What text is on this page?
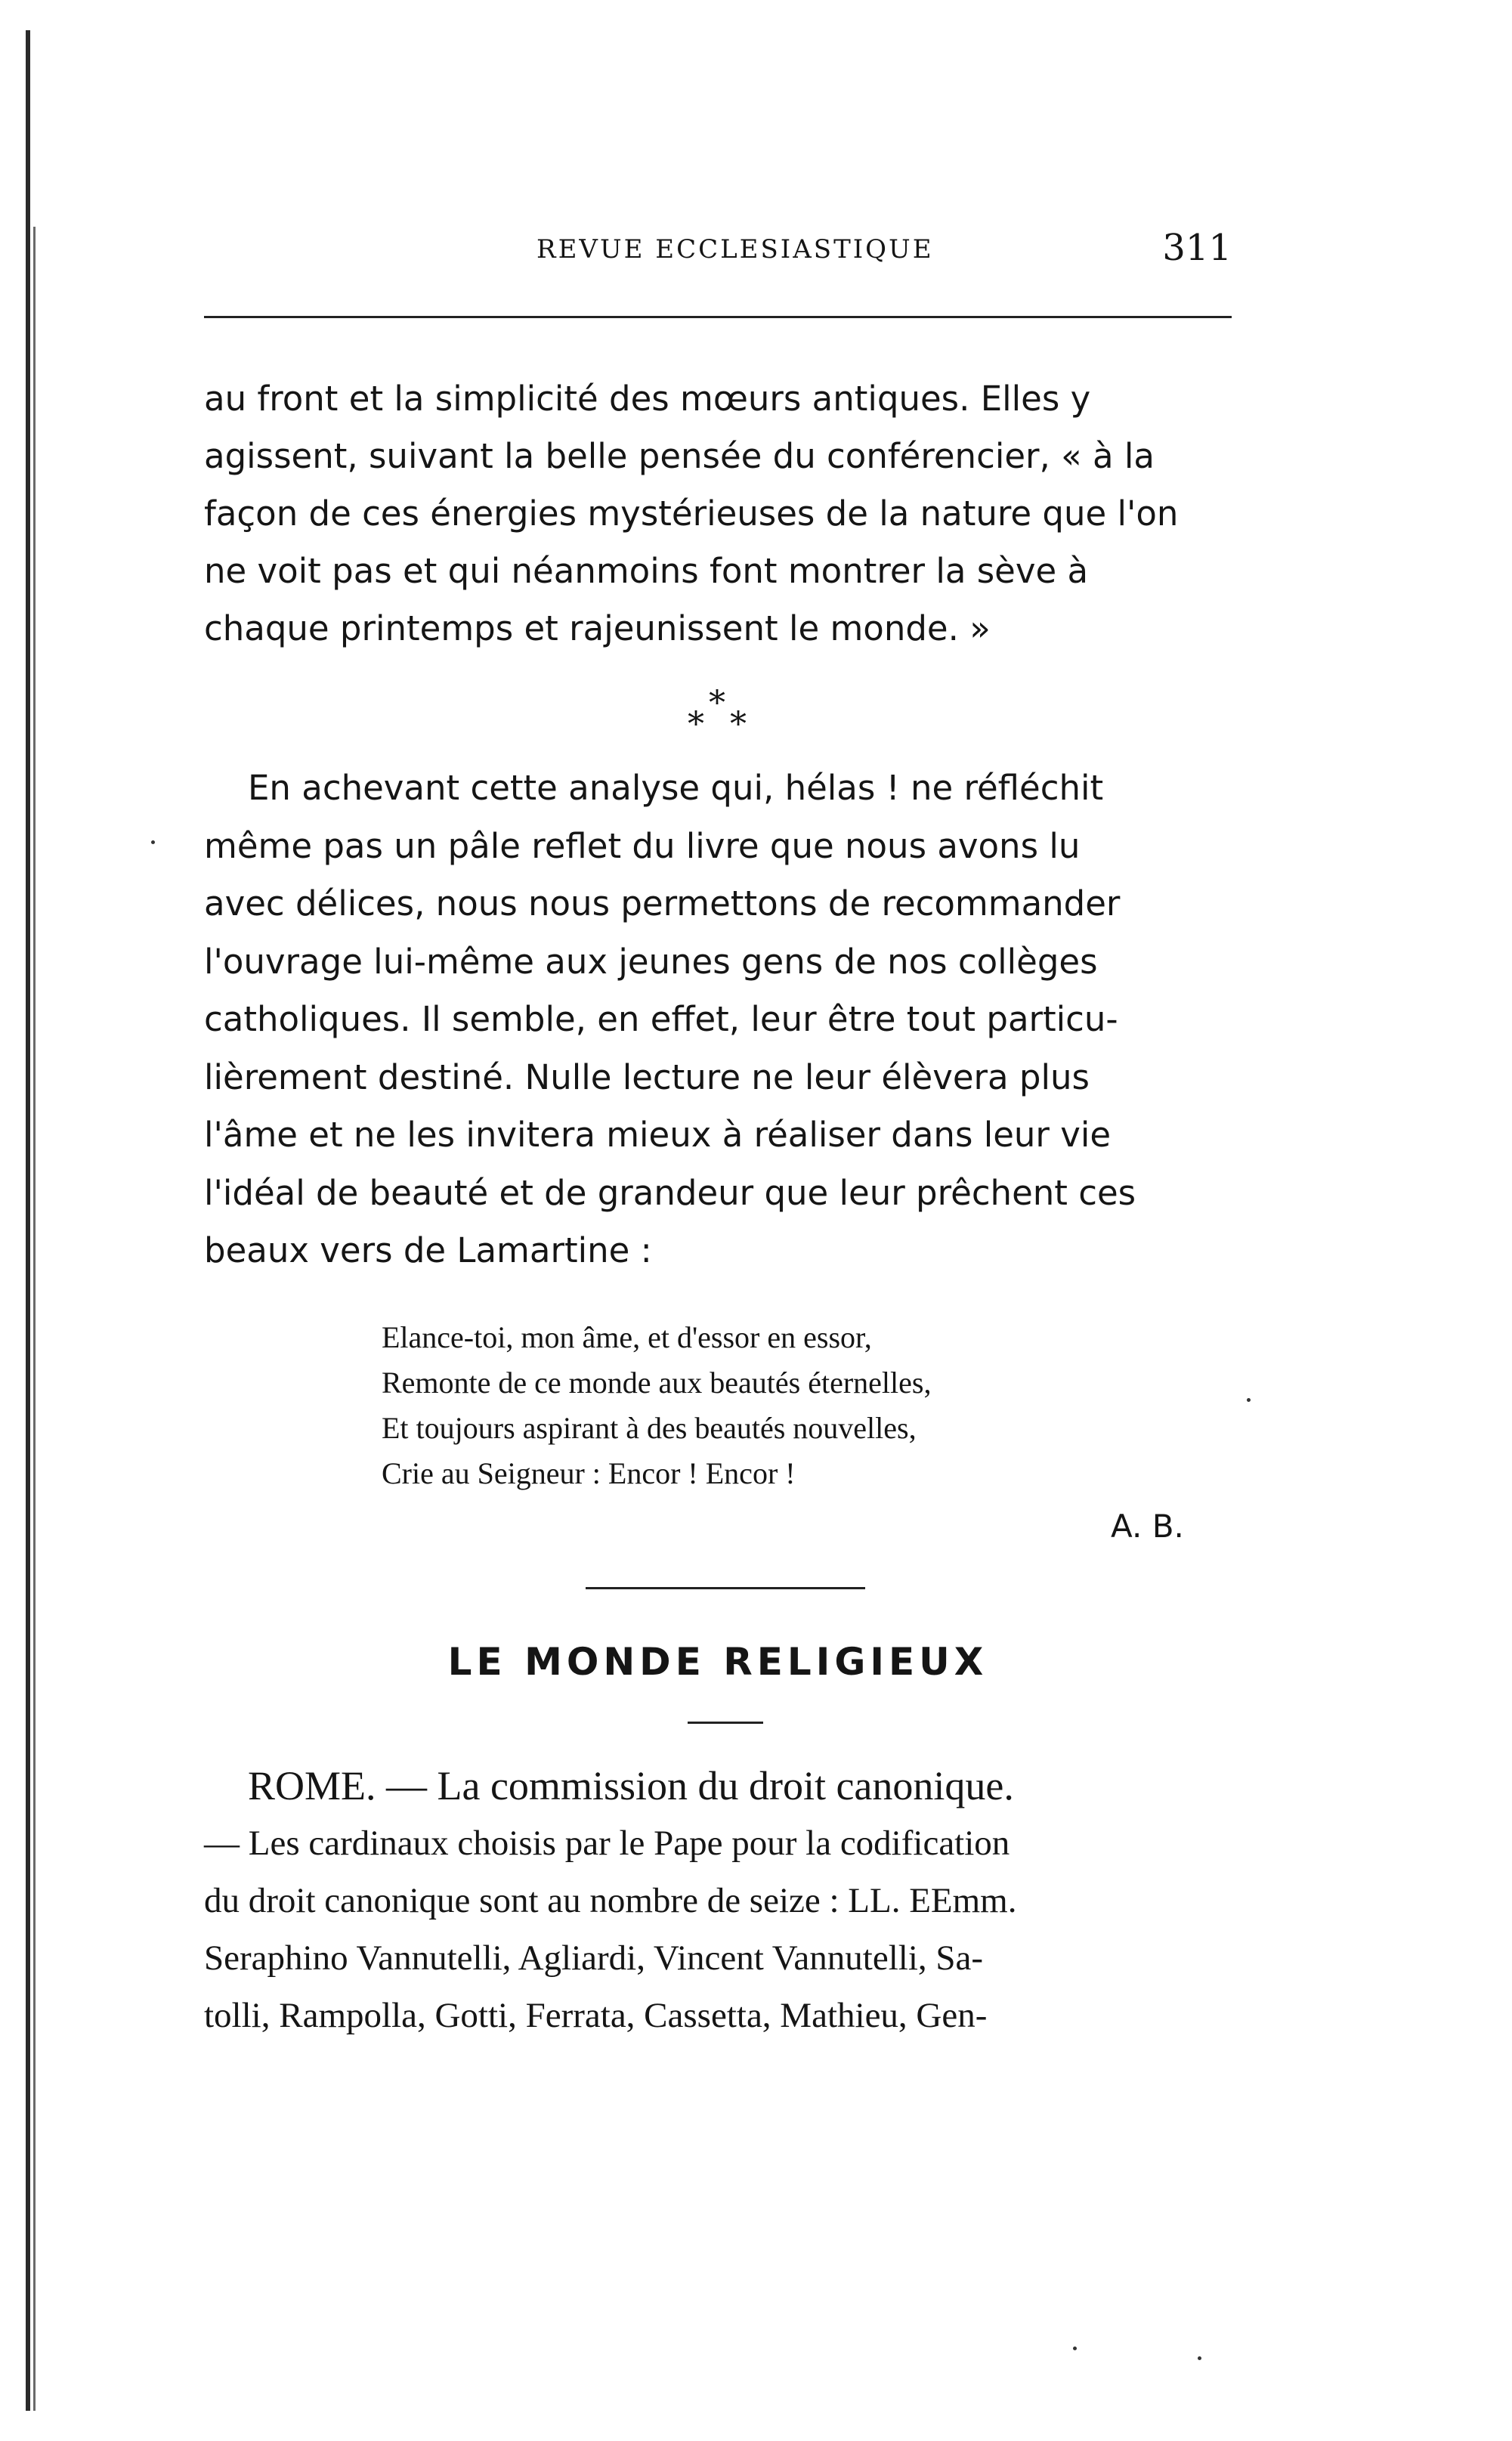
REVUE ECCLESIASTIQUE	311

au front et la simplicité des mœurs antiques. Elles y

agissent, suivant la belle pensée du conférencier, « à la

façon de ces énergies mystérieuses de la nature que l'on

ne voit pas et qui néanmoins font montrer la sève à

chaque printemps et rajeunissent le monde. »

*
* *

En achevant cette analyse qui, hélas ! ne réfléchit

même pas un pâle reflet du livre que nous avons lu

avec délices, nous nous permettons de recommander

l'ouvrage lui-même aux jeunes gens de nos collèges

catholiques. Il semble, en effet, leur être tout particu-

lièrement destiné. Nulle lecture ne leur élèvera plus

l'âme et ne les invitera mieux à réaliser dans leur vie

l'idéal de beauté et de grandeur que leur prêchent ces

beaux vers de Lamartine :

Elance-toi, mon âme, et d'essor en essor,
Remonte de ce monde aux beautés éternelles,
Et toujours aspirant à des beautés nouvelles,
Crie au Seigneur : Encor ! Encor !
A. B.
LE MONDE RELIGIEUX

ROME. — La commission du droit canonique.

— Les cardinaux choisis par le Pape pour la codification

du droit canonique sont au nombre de seize : LL. EEmm.

Seraphino Vannutelli, Agliardi, Vincent Vannutelli, Sa-

tolli, Rampolla, Gotti, Ferrata, Cassetta, Mathieu, Gen-
